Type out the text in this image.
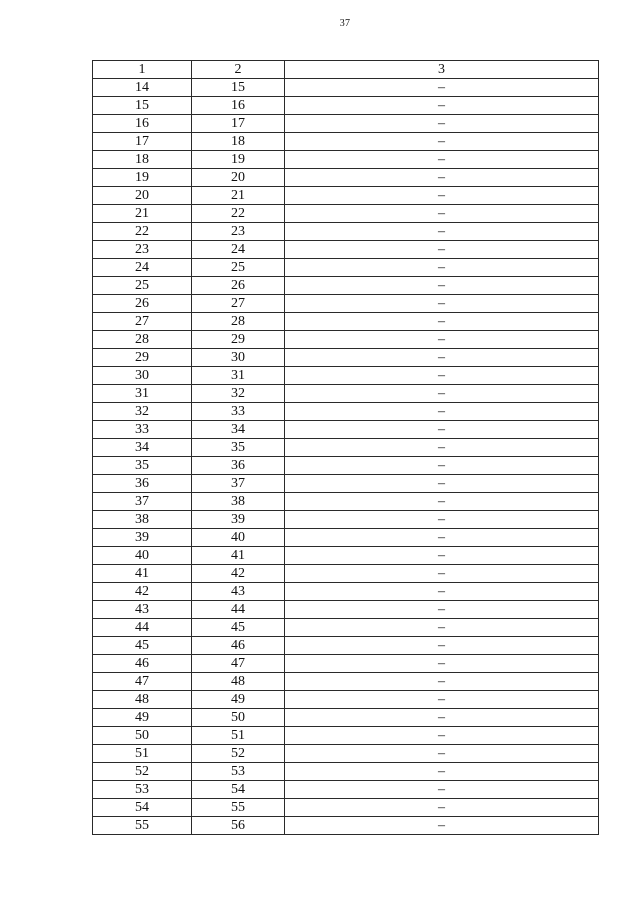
37
1	2	3
14	15	–
15	16	–
16	17	–
17	18	–
18	19	–
19	20	–
20	21	–
21	22	–
22	23	–
23	24	–
24	25	–
25	26	–
26	27	–
27	28	–
28	29	–
29	30	–
30	31	–
31	32	–
32	33	–
33	34	–
34	35	–
35	36	–
36	37	–
37	38	–
38	39	–
39	40	–
40	41	–
41	42	–
42	43	–
43	44	–
44	45	–
45	46	–
46	47	–
47	48	–
48	49	–
49	50	–
50	51	–
51	52	–
52	53	–
53	54	–
54	55	–
55	56	–
